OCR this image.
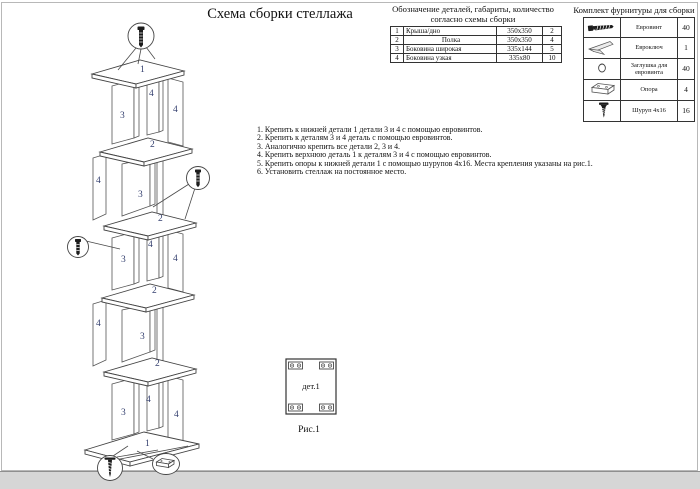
Схема сборки стеллажа	Обозначение деталей, габариты, количество
согласно схемы сборки
1	Крыша/дно	350x350	2
2	Полка	350x350	4
3	Боковина широкая	335x144	5
4	Боковина узкая	335x80	10
Комплект фурнитуры для сборки
	Евровинт	40
	Евроключ	1
	Заглушка для евровинта	40
	Опора	4
	Шуруп 4x16	16
1. Крепить к нижней детали 1 детали 3 и 4 с помощью евровинтов.
2. Крепить к деталям 3 и 4 деталь с помощью евровинтов.
3. Аналогично крепить все детали 2, 3 и 4.
4. Крепить верхнюю деталь 1 к деталям 3 и 4 с помощью евровинтов.
5. Крепить опоры к нижней детали 1 с помощью шурупов 4x16. Места крепления указаны на рис.1.
6. Установить стеллаж на постоянное место.
1
3
4
4
2
4
3
2
3
4
4
2
4
3
2
3
4
4
1
дет.1
Рис.1
